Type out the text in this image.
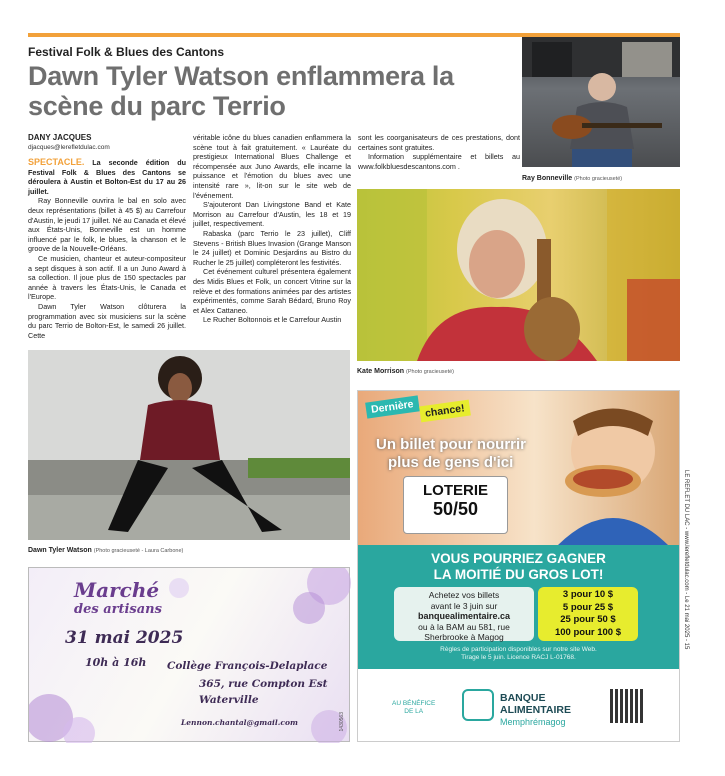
Festival Folk & Blues des Cantons
Dawn Tyler Watson enflammera la scène du parc Terrio
DANY JACQUES
djacques@lerefletdulac.com

SPECTACLE. La seconde édition du Festival Folk & Blues des Cantons se déroulera à Austin et Bolton-Est du 17 au 26 juillet.

Ray Bonneville ouvrira le bal en solo avec deux représentations (billet à 45 $) au Carrefour d'Austin, le jeudi 17 juillet. Né au Canada et élevé aux États-Unis, Bonneville est un homme influencé par le folk, le blues, la chanson et le groove de la Nouvelle-Orléans.

Ce musicien, chanteur et auteur-compositeur a sept disques à son actif. Il a un Juno Award à sa collection. Il joue plus de 150 spectacles par année à travers les États-Unis, le Canada et l'Europe.

Dawn Tyler Watson clôturera la programmation avec six musiciens sur la scène du parc Terrio de Bolton-Est, le samedi 26 juillet. Cette

véritable icône du blues canadien enflammera la scène tout à fait gratuitement. « Lauréate du prestigieux International Blues Challenge et récompensée aux Juno Awards, elle incarne la puissance et l'émotion du blues avec une intensité rare », lit-on sur le site web de l'événement.

S'ajouteront Dan Livingstone Band et Kate Morrison au Carrefour d'Austin, les 18 et 19 juillet, respectivement.

Rabaska (parc Terrio le 23 juillet), Cliff Stevens - British Blues Invasion (Grange Manson le 24 juillet) et Dominic Desjardins au Bistro du Rucher le 25 juillet) compléteront les festivités.

Cet événement culturel présentera également des Midis Blues et Folk, un concert Vitrine sur la relève et des formations animées par des artistes expérimentés, comme Sarah Bédard, Bruno Roy et Alex Cattaneo.

Le Rucher Boltonnois et le Carrefour Austin

sont les coorganisateurs de ces prestations, dont certaines sont gratuites.

Information supplémentaire et billets au www.folkbluesdescantons.com .

Ray Bonneville (Photo gracieuseté)
Kate Morrison (Photo gracieuseté)
Dawn Tyler Watson (Photo gracieuseté - Laura Carbone)
Marché
des artisans
31 mai 2025
10h à 16h Collège François-Delaplace
365, rue Compton Est
Waterville
Lennon.chantal@gmail.com	1430563
Dernière chance!
Un billet pour nourrir
plus de gens d'ici
LOTERIE
50/50
VOUS POURRIEZ GAGNER
LA MOITIÉ DU GROS LOT!
Achetez vos billets
avant le 3 juin sur
banquealimentaire.ca
ou à la BAM au 581, rue
Sherbrooke à Magog
3 pour 10 $
5 pour 25 $
25 pour 50 $
100 pour 100 $
Règles de participation disponibles sur notre site Web.
Tirage le 5 juin. Licence RACJ L-01768.
AU BÉNÉFICE
DE LA
BANQUE
ALIMENTAIRE
Memphrémagog
LE REFLET DU LAC - www.lerefletdulac.com - Le 21 mai 2025 - 15
